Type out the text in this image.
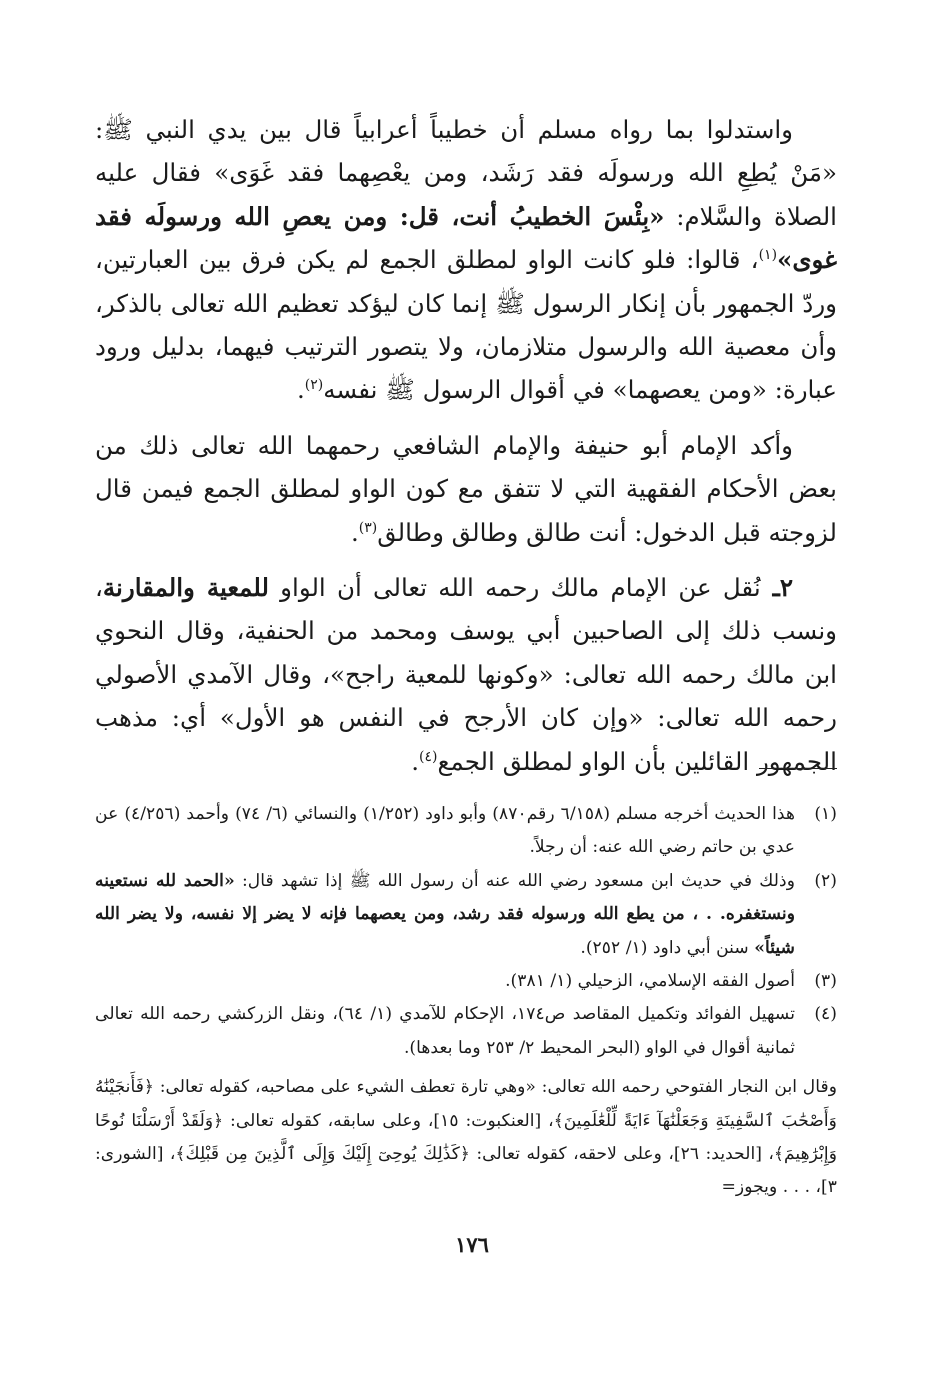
واستدلوا بما رواه مسلم أن خطيباً أعرابياً قال بين يدي النبي ﷺ: «مَنْ يُطِعِ الله ورسولَه فقد رَشَد، ومن يعْصِهما فقد غَوَى» فقال عليه الصلاة والسَّلام: «بِئْسَ الخطيبُ أنت، قل: ومن يعصِ الله ورسولَه فقد غوى»$^{(١)}$، قالوا: فلو كانت الواو لمطلق الجمع لم يكن فرق بين العبارتين، وردّ الجمهور بأن إنكار الرسول ﷺ إنما كان ليؤكد تعظيم الله تعالى بالذكر، وأن معصية الله والرسول متلازمان، ولا يتصور الترتيب فيهما، بدليل ورود عبارة: «ومن يعصهما» في أقوال الرسول ﷺ نفسه$^{(٢)}$.

وأكد الإمام أبو حنيفة والإمام الشافعي رحمهما الله تعالى ذلك من بعض الأحكام الفقهية التي لا تتفق مع كون الواو لمطلق الجمع فيمن قال لزوجته قبل الدخول: أنت طالق وطالق وطالق$^{(٣)}$.

٢ـ نُقل عن الإمام مالك رحمه الله تعالى أن الواو للمعية والمقارنة، ونسب ذلك إلى الصاحبين أبي يوسف ومحمد من الحنفية، وقال النحوي ابن مالك رحمه الله تعالى: «وكونها للمعية راجح»، وقال الآمدي الأصولي رحمه الله تعالى: «وإن كان الأرجح في النفس هو الأول» أي: مذهب الجمهور القائلين بأن الواو لمطلق الجمع$^{(٤)}$.

(١)
هذا الحديث أخرجه مسلم (٦/١٥٨ رقم٨٧٠) وأبو داود (١/٢٥٢) والنسائي (٦/ ٧٤) وأحمد (٤/٢٥٦) عن عدي بن حاتم رضي الله عنه: أن رجلاً.
(٢)
وذلك في حديث ابن مسعود رضي الله عنه أن رسول الله ﷺ إذا تشهد قال: «الحمد لله نستعينه ونستغفره. . ، من يطع الله ورسوله فقد رشد، ومن يعصهما فإنه لا يضر إلا نفسه، ولا يضر الله شيئاً» سنن أبي داود (١/ ٢٥٢).
(٣)
أصول الفقه الإسلامي، الزحيلي (١/ ٣٨١).
(٤)
تسهيل الفوائد وتكميل المقاصد ص١٧٤، الإحكام للآمدي (١/ ٦٤)، ونقل الزركشي رحمه الله تعالى ثمانية أقوال في الواو (البحر المحيط ٢/ ٢٥٣ وما بعدها).
وقال ابن النجار الفتوحي رحمه الله تعالى: «وهي تارة تعطف الشيء على مصاحبه، كقوله تعالى: ﴿فَأَنجَيْنَٰهُ وَأَصْحَٰبَ ٱلسَّفِينَةِ وَجَعَلْنَٰهَآ ءَايَةً لِّلْعَٰلَمِينَ﴾، [العنكبوت: ١٥]، وعلى سابقه، كقوله تعالى: ﴿وَلَقَدْ أَرْسَلْنَا نُوحًا وَإِبْرَٰهِيمَ﴾، [الحديد: ٢٦]، وعلى لاحقه، كقوله تعالى: ﴿كَذَٰلِكَ يُوحِىٓ إِلَيْكَ وَإِلَى ٱلَّذِينَ مِن قَبْلِكَ﴾، [الشورى: ٣]، . . . ويجوز=
١٧٦
